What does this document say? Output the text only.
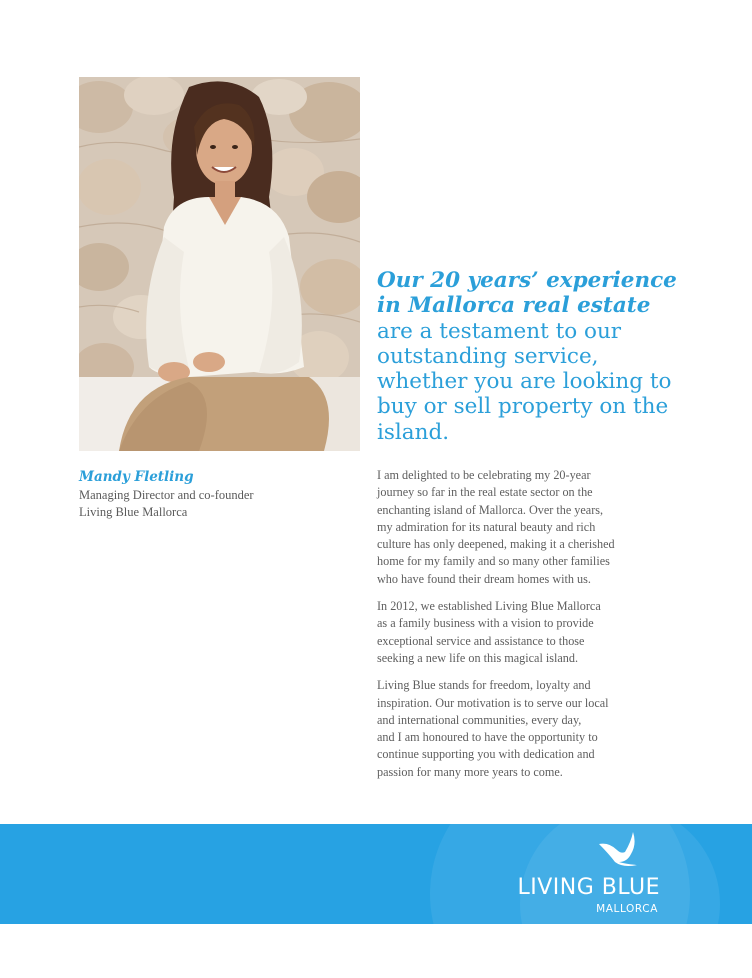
Mandy Fletling
Managing Director and co-founder
Living Blue Mallorca
Our 20 years’ experience in Mallorca real estate
are a testament to our outstanding service, whether you are looking to buy or sell property on the island.

I am delighted to be celebrating my 20-year
journey so far in the real estate sector on the
enchanting island of Mallorca. Over the years,
my admiration for its natural beauty and rich
culture has only deepened, making it a cherished
home for my family and so many other families
who have found their dream homes with us.

In 2012, we established Living Blue Mallorca
as a family business with a vision to provide
exceptional service and assistance to those
seeking a new life on this magical island.

Living Blue stands for freedom, loyalty and
inspiration. Our motivation is to serve our local
and international communities, every day,
and I am honoured to have the opportunity to
continue supporting you with dedication and
passion for many more years to come.

LIVING BLUE
MALLORCA
